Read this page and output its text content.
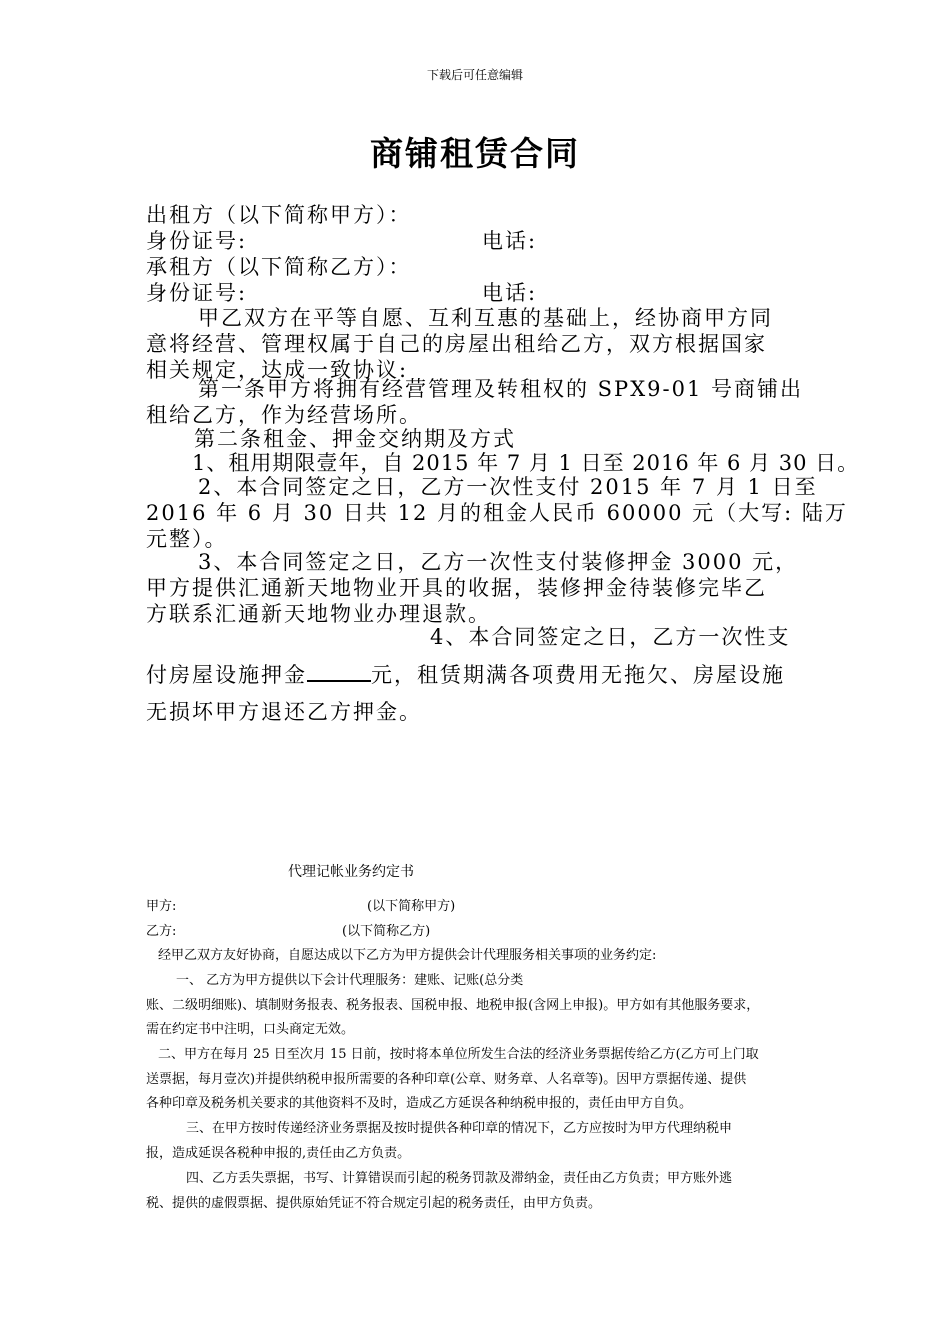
下载后可任意编辑
商铺租赁合同
出租方（以下简称甲方）：
身份证号:	电话:
承租方（以下简称乙方）：
身份证号:	电话:
甲乙双方在平等自愿、互利互惠的基础上，经协商甲方同
意将经营、管理权属于自己的房屋出租给乙方，双方根据国家
相关规定，达成一致协议:
第一条甲方将拥有经营管理及转租权的 SPX9-01 号商铺出
租给乙方，作为经营场所。
第二条租金、押金交纳期及方式
1、租用期限壹年，自 2015 年 7 月 1 日至 2016 年 6 月 30 日。
2、本合同签定之日，乙方一次性支付 2015 年 7 月 1 日至
2016 年 6 月 30 日共 12 月的租金人民币 60000 元（大写: 陆万
元整）。
3、本合同签定之日，乙方一次性支付装修押金 3000 元，
甲方提供汇通新天地物业开具的收据，装修押金待装修完毕乙
方联系汇通新天地物业办理退款。
4、本合同签定之日，乙方一次性支
付房屋设施押金	元，租赁期满各项费用无拖欠、房屋设施
无损坏甲方退还乙方押金。
代理记帐业务约定书
甲方:	(以下简称甲方)
乙方:	(以下简称乙方)
经甲乙双方友好协商，自愿达成以下乙方为甲方提供会计代理服务相关事项的业务约定:
一、 乙方为甲方提供以下会计代理服务：建账、记账(总分类
账、二级明细账)、填制财务报表、税务报表、国税申报、地税申报(含网上申报)。甲方如有其他服务要求，
需在约定书中注明，口头商定无效。
二、甲方在每月 25 日至次月 15 日前，按时将本单位所发生合法的经济业务票据传给乙方(乙方可上门取
送票据，每月壹次)并提供纳税申报所需要的各种印章(公章、财务章、人名章等)。因甲方票据传递、提供
各种印章及税务机关要求的其他资料不及时，造成乙方延误各种纳税申报的，责任由甲方自负。
三、在甲方按时传递经济业务票据及按时提供各种印章的情况下，乙方应按时为甲方代理纳税申
报，造成延误各税种申报的,责任由乙方负责。
四、乙方丢失票据，书写、计算错误而引起的税务罚款及滞纳金，责任由乙方负责；甲方账外逃
税、提供的虚假票据、提供原始凭证不符合规定引起的税务责任，由甲方负责。
